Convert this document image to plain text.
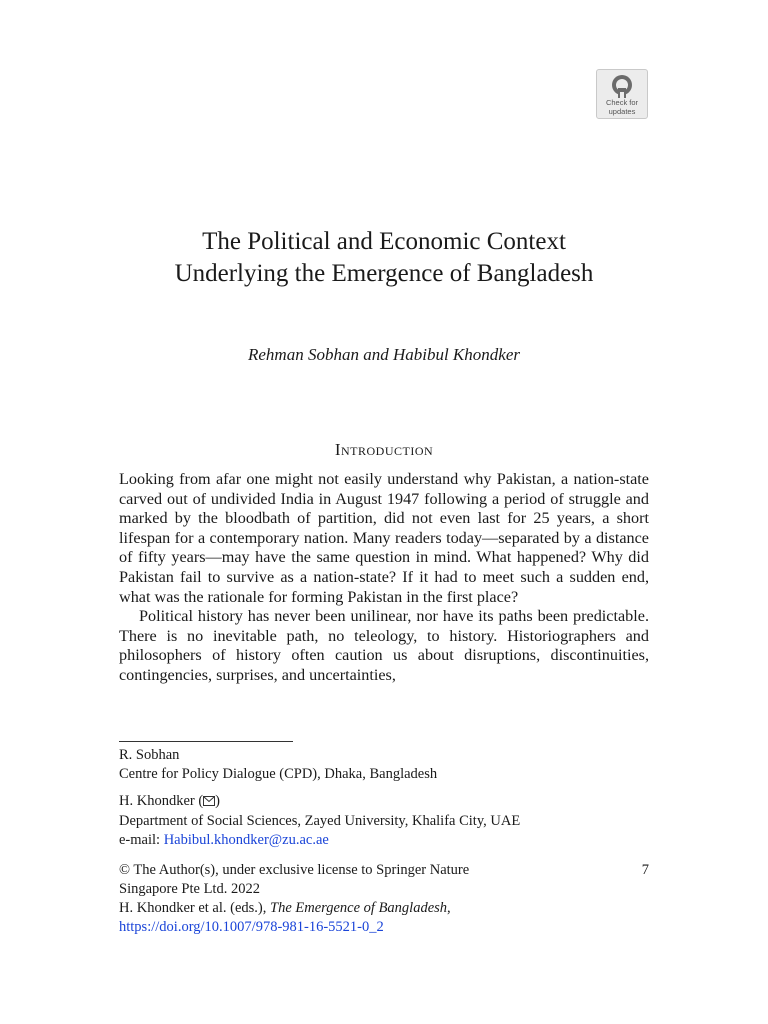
Check for
updates
The Political and Economic Context
Underlying the Emergence of Bangladesh
Rehman Sobhan and Habibul Khondker
Introduction

Looking from afar one might not easily understand why Pakistan, a nation-state carved out of undivided India in August 1947 following a period of struggle and marked by the bloodbath of partition, did not even last for 25 years, a short lifespan for a contemporary nation. Many readers today—separated by a distance of fifty years—may have the same question in mind. What happened? Why did Pakistan fail to survive as a nation-state? If it had to meet such a sudden end, what was the rationale for forming Pakistan in the first place?

Political history has never been unilinear, nor have its paths been predictable. There is no inevitable path, no teleology, to history. Historiographers and philosophers of history often caution us about disruptions, discontinuities, contingencies, surprises, and uncertainties,

R. Sobhan
Centre for Policy Dialogue (CPD), Dhaka, Bangladesh
H. Khondker ( )
Department of Social Sciences, Zayed University, Khalifa City, UAE
e-mail: Habibul.khondker@zu.ac.ae
© The Author(s), under exclusive license to Springer Nature
Singapore Pte Ltd. 2022
H. Khondker et al. (eds.), The Emergence of Bangladesh,
https://doi.org/10.1007/978-981-16-5521-0_2
7
